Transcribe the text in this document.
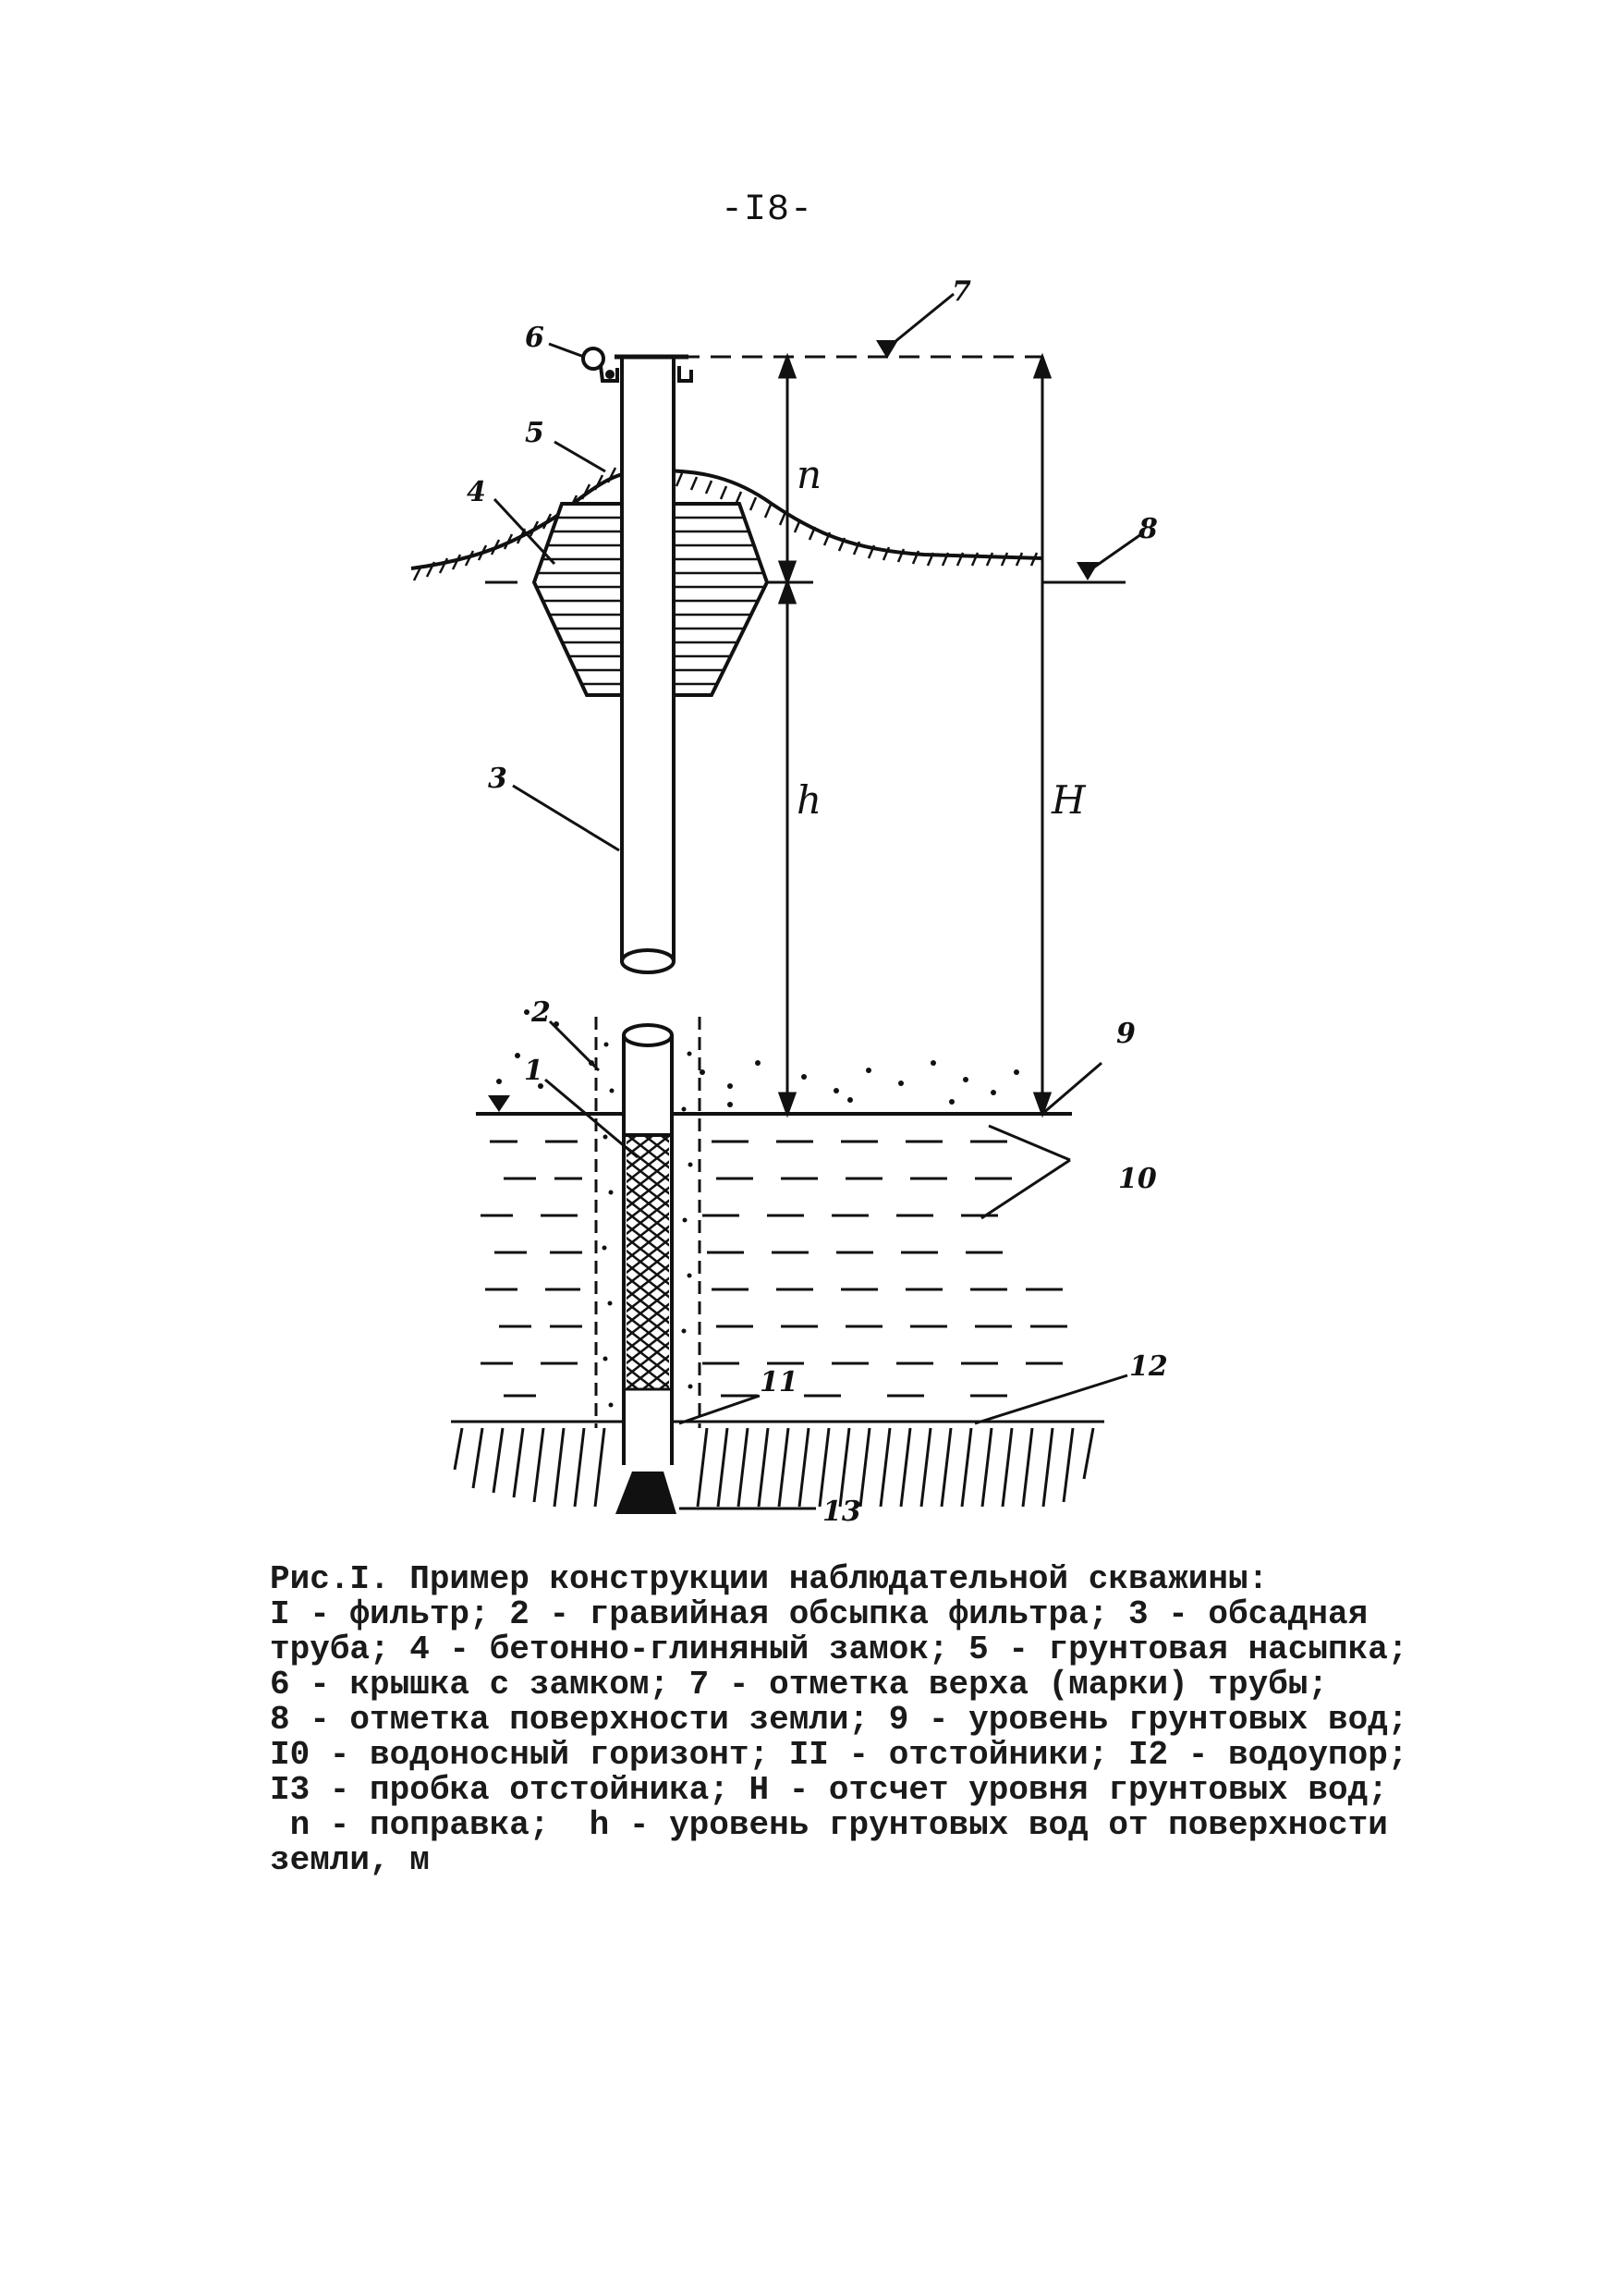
-I8-
6
7
5
4
8
3
2
1
9
10
11	12
13
n
h	H
Рис.I. Пример конструкции наблюдательной скважины:
I - фильтр; 2 - гравийная обсыпка фильтра; 3 - обсадная
труба; 4 - бетонно-глиняный замок; 5 - грунтовая насыпка;
6 - крышка с замком; 7 - отметка верха (марки) трубы;
8 - отметка поверхности земли; 9 - уровень грунтовых вод;
I0 - водоносный горизонт; II - отстойники; I2 - водоупор;
I3 - пробка отстойника; H - отсчет уровня грунтовых вод;
n - поправка;  h - уровень грунтовых вод от поверхности
земли, м
